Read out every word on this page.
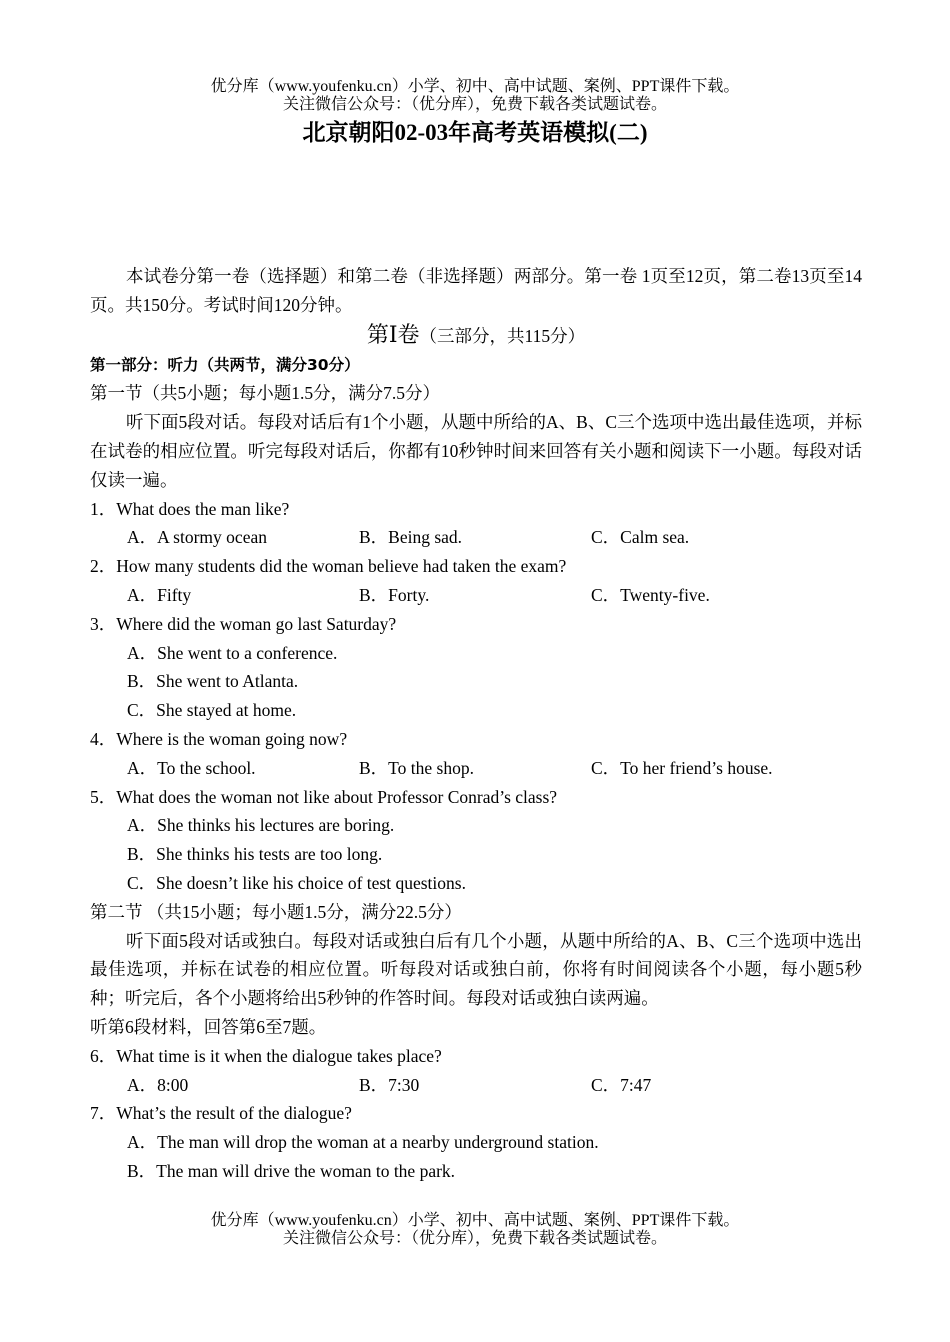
优分库（www.youfenku.cn）小学、初中、高中试题、案例、PPT课件下载。
关注微信公众号：（优分库），免费下载各类试题试卷。
北京朝阳02-03年高考英语模拟(二)

本试卷分第一卷（选择题）和第二卷（非选择题）两部分。第一卷 1页至12页，第二卷13页至14页。共150分。考试时间120分钟。

第Ⅰ卷（三部分，共115分）

第一部分：听力（共两节，满分30分）

第一节（共5小题；每小题1.5分，满分7.5分）

听下面5段对话。每段对话后有1个小题，从题中所给的A、B、C三个选项中选出最佳选项，并标在试卷的相应位置。听完每段对话后，你都有10秒钟时间来回答有关小题和阅读下一小题。每段对话仅读一遍。

1．What does the man like?

A．A stormy ocean	B．Being sad.	C．Calm sea.

2．How many students did the woman believe had taken the exam?

A．Fifty	B．Forty.	C．Twenty-five.

3．Where did the woman go last Saturday?

A．She went to a conference.

B．She went to Atlanta.

C．She stayed at home.

4．Where is the woman going now?

A．To the school.	B．To the shop.	C．To her friend’s house.

5．What does the woman not like about Professor Conrad’s class?

A．She thinks his lectures are boring.

B．She thinks his tests are too long.

C．She doesn’t like his choice of test questions.

第二节 （共15小题；每小题1.5分，满分22.5分）

听下面5段对话或独白。每段对话或独白后有几个小题，从题中所给的A、B、C三个选项中选出最佳选项，并标在试卷的相应位置。听每段对话或独白前，你将有时间阅读各个小题，每小题5秒种；听完后，各个小题将给出5秒钟的作答时间。每段对话或独白读两遍。

听第6段材料，回答第6至7题。

6．What time is it when the dialogue takes place?

A．8:00	B．7:30	C．7:47

7．What’s the result of the dialogue?

A．The man will drop the woman at a nearby underground station.

B．The man will drive the woman to the park.

优分库（www.youfenku.cn）小学、初中、高中试题、案例、PPT课件下载。
关注微信公众号：（优分库），免费下载各类试题试卷。
